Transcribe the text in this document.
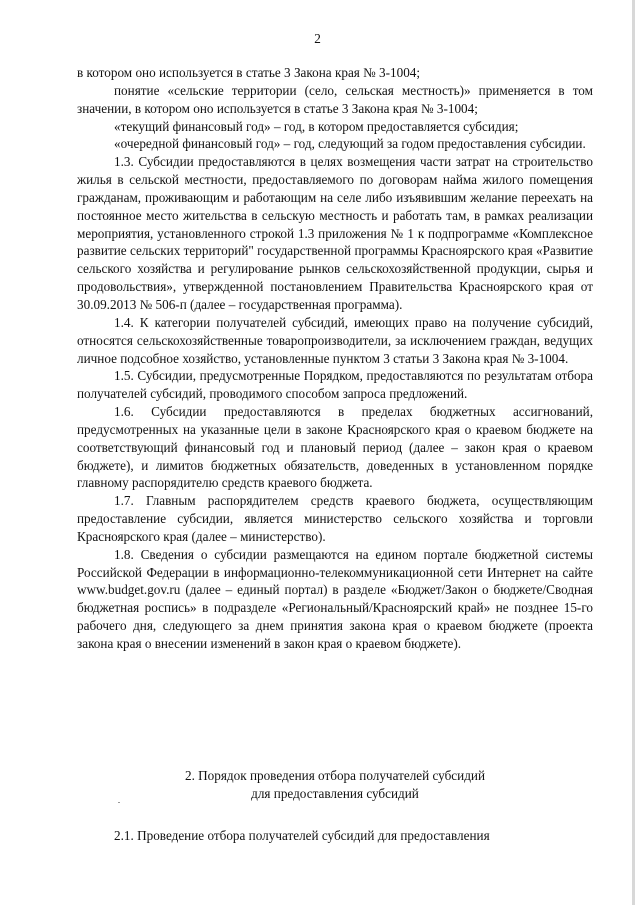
2

в котором оно используется в статье 3 Закона края № 3-1004;

понятие «сельские территории (село, сельская местность)» применяется в том значении, в котором оно используется в статье 3 Закона края № 3-1004;

«текущий финансовый год» – год, в котором предоставляется субсидия;

«очередной финансовый год» – год, следующий за годом предоставления субсидии.

1.3. Субсидии предоставляются в целях возмещения части затрат на строительство жилья в сельской местности, предоставляемого по договорам найма жилого помещения гражданам, проживающим и работающим на селе либо изъявившим желание переехать на постоянное место жительства в сельскую местность и работать там, в рамках реализации мероприятия, установленного строкой 1.3 приложения № 1 к подпрограмме «Комплексное развитие сельских территорий" государственной программы Красноярского края «Развитие сельского хозяйства и регулирование рынков сельскохозяйственной продукции, сырья и продовольствия», утвержденной постановлением Правительства Красноярского края от 30.09.2013 № 506-п (далее – государственная программа).

1.4. К категории получателей субсидий, имеющих право на получение субсидий, относятся сельскохозяйственные товаропроизводители, за исключением граждан, ведущих личное подсобное хозяйство, установленные пунктом 3 статьи 3 Закона края № 3-1004.

1.5. Субсидии, предусмотренные Порядком, предоставляются по результатам отбора получателей субсидий, проводимого способом запроса предложений.

1.6. Субсидии предоставляются в пределах бюджетных ассигнований, предусмотренных на указанные цели в законе Красноярского края о краевом бюджете на соответствующий финансовый год и плановый период (далее – закон края о краевом бюджете), и лимитов бюджетных обязательств, доведенных в установленном порядке главному распорядителю средств краевого бюджета.

1.7. Главным распорядителем средств краевого бюджета, осуществляющим предоставление субсидии, является министерство сельского хозяйства и торговли Красноярского края (далее – министерство).

1.8. Сведения о субсидии размещаются на едином портале бюджетной системы Российской Федерации в информационно-телекоммуникационной сети Интернет на сайте www.budget.gov.ru (далее – единый портал) в разделе «Бюджет/Закон о бюджете/Сводная бюджетная роспись» в подразделе «Региональный/Красноярский край» не позднее 15-го рабочего дня, следующего за днем принятия закона края о краевом бюджете (проекта закона края о внесении изменений в закон края о краевом бюджете).

2. Порядок проведения отбора получателей субсидий
для предоставления субсидий
2.1. Проведение отбора получателей субсидий для предоставления
